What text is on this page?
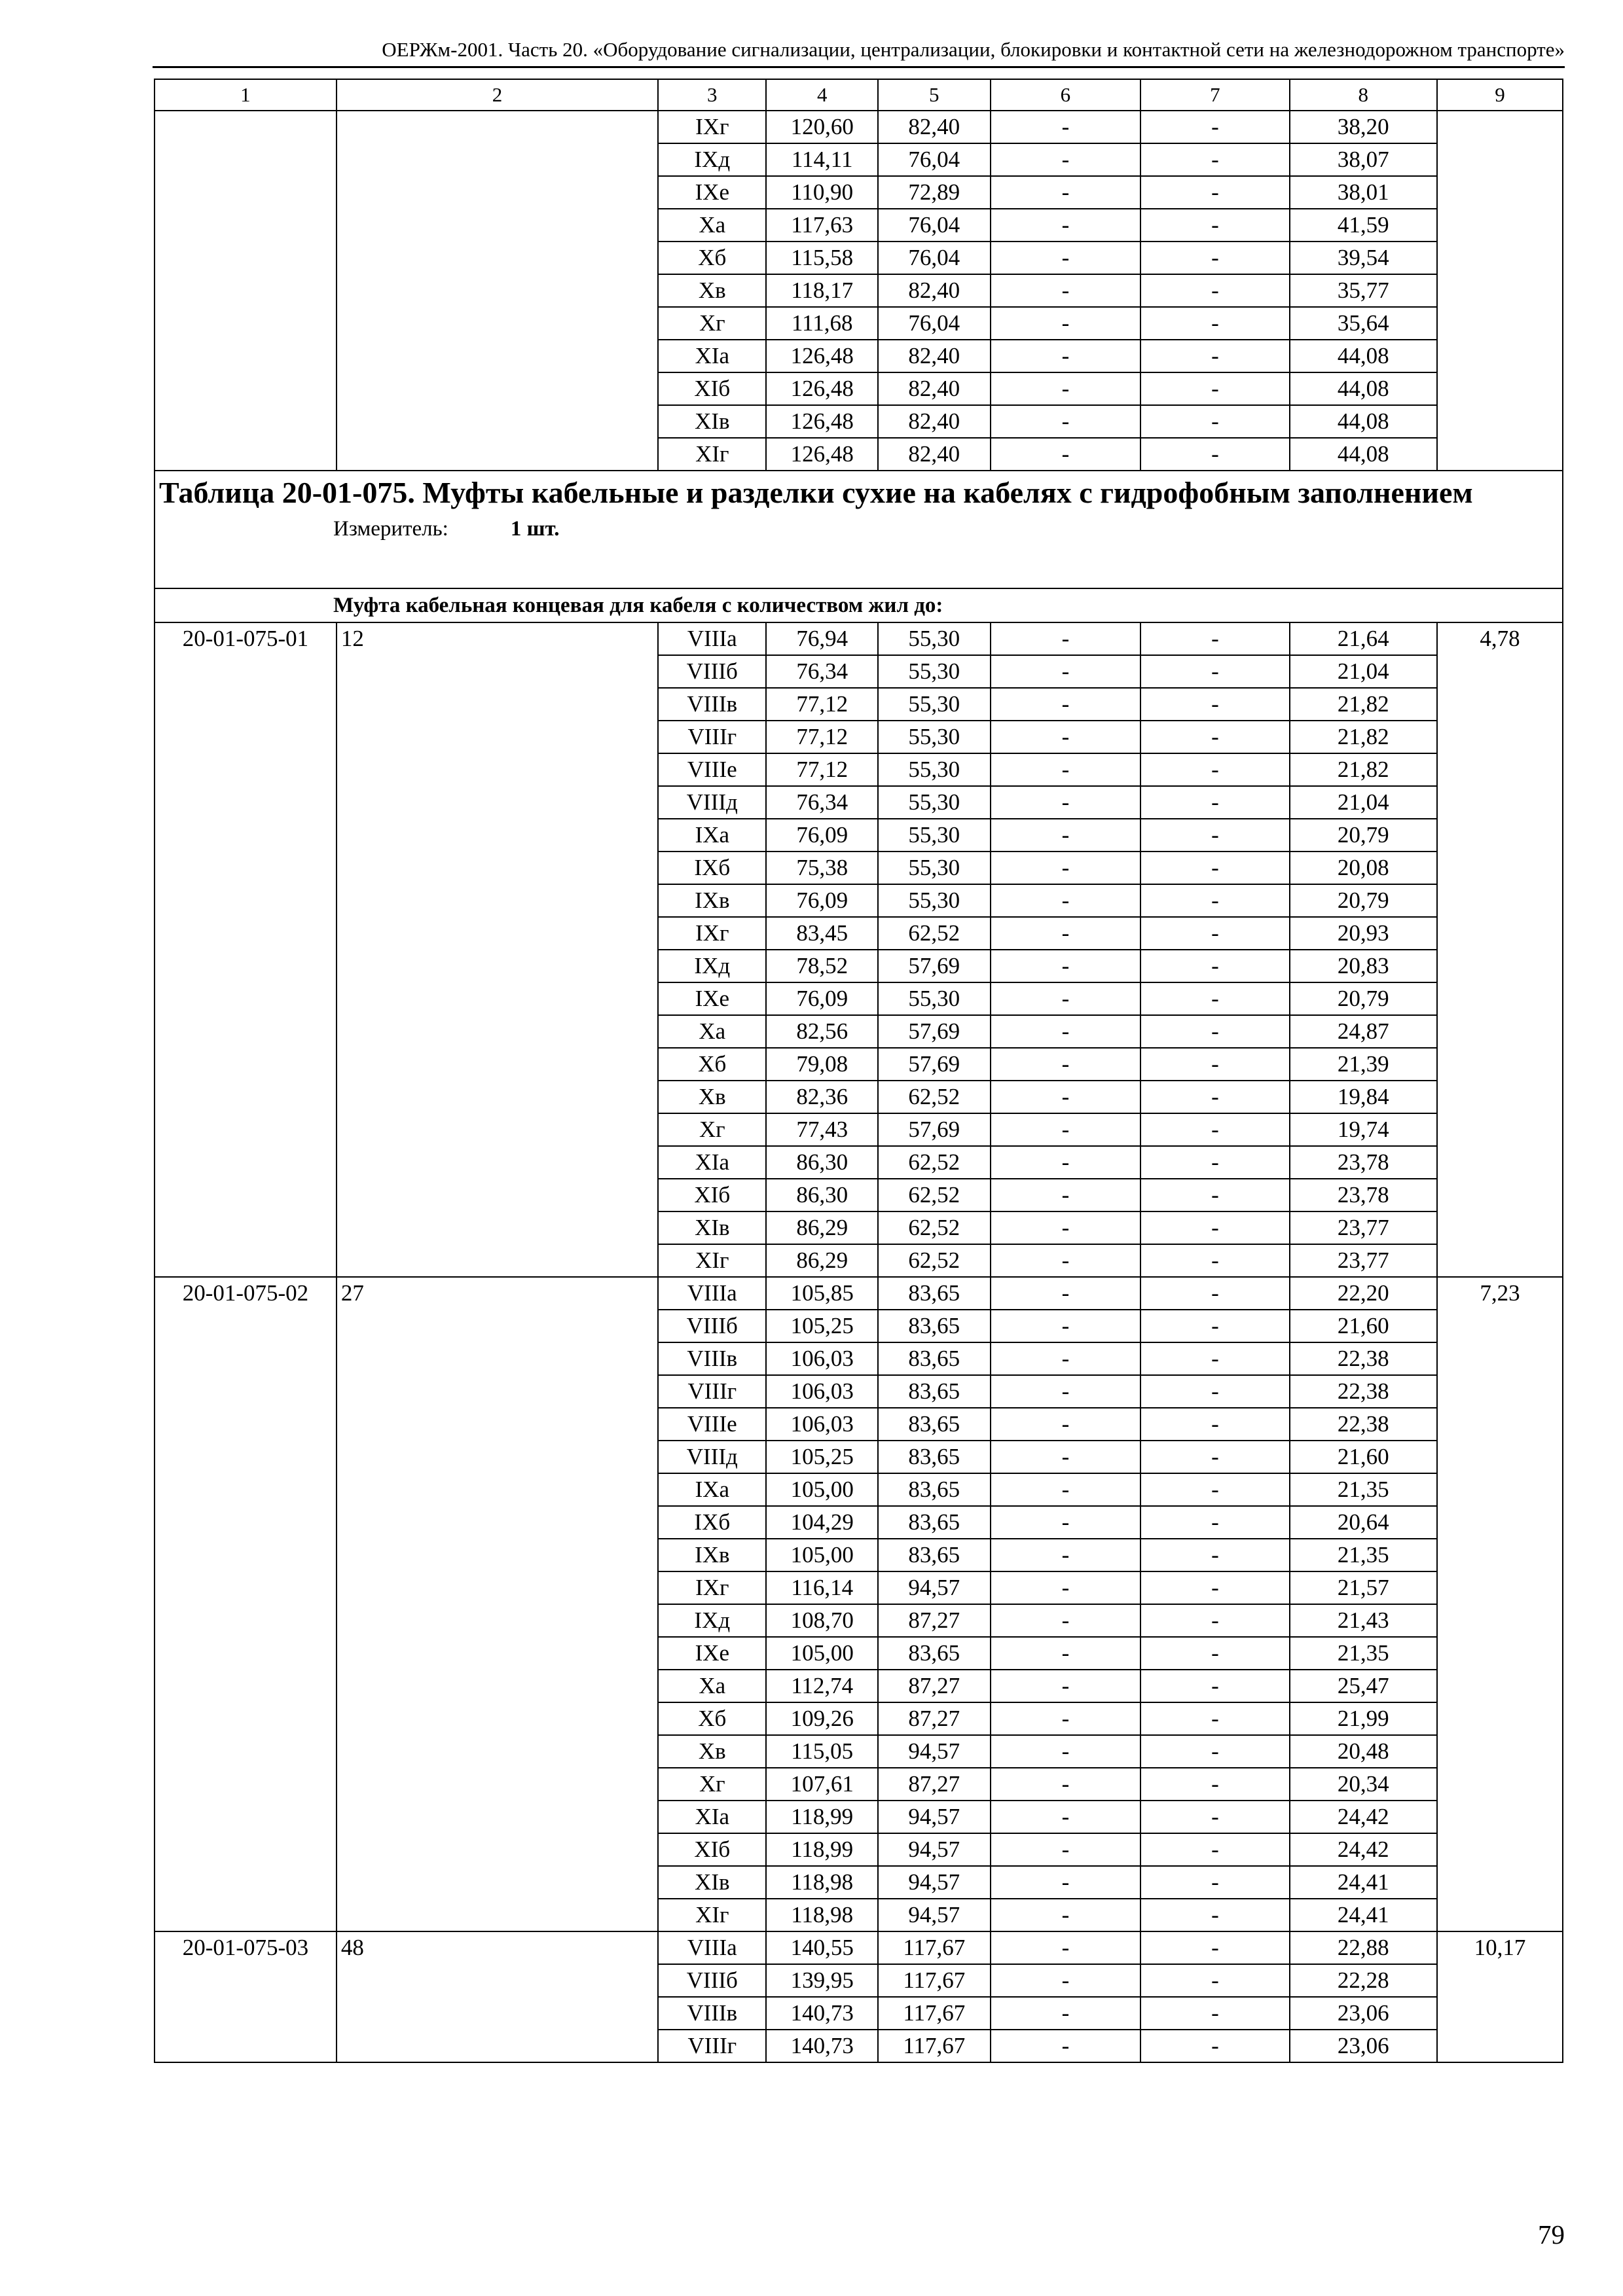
ОЕРЖм-2001. Часть 20. «Оборудование сигнализации, централизации, блокировки и контактной сети на железнодорожном транспорте»
1	2	3	4	5	6	7	8	9
		IXг	120,60	82,40	-	-	38,20	
		IXд	114,11	76,04	-	-	38,07	
		IXе	110,90	72,89	-	-	38,01	
		Xа	117,63	76,04	-	-	41,59	
		Xб	115,58	76,04	-	-	39,54	
		Xв	118,17	82,40	-	-	35,77	
		Xг	111,68	76,04	-	-	35,64	
		XIа	126,48	82,40	-	-	44,08	
		XIб	126,48	82,40	-	-	44,08	
		XIв	126,48	82,40	-	-	44,08	
		XIг	126,48	82,40	-	-	44,08	

Таблица 20-01-075. Муфты кабельные и разделки сухие на кабелях с гидрофобным заполнением
Измеритель: 1 шт.								

Муфта кабельная концевая для кабеля с количеством жил до:								
20-01-075-01	12	VIIIа	76,94	55,30	-	-	21,64	4,78
		VIIIб	76,34	55,30	-	-	21,04	
		VIIIв	77,12	55,30	-	-	21,82	
		VIIIг	77,12	55,30	-	-	21,82	
		VIIIе	77,12	55,30	-	-	21,82	
		VIIIд	76,34	55,30	-	-	21,04	
		IXа	76,09	55,30	-	-	20,79	
		IXб	75,38	55,30	-	-	20,08	
		IXв	76,09	55,30	-	-	20,79	
		IXг	83,45	62,52	-	-	20,93	
		IXд	78,52	57,69	-	-	20,83	
		IXе	76,09	55,30	-	-	20,79	
		Xа	82,56	57,69	-	-	24,87	
		Xб	79,08	57,69	-	-	21,39	
		Xв	82,36	62,52	-	-	19,84	
		Xг	77,43	57,69	-	-	19,74	
		XIа	86,30	62,52	-	-	23,78	
		XIб	86,30	62,52	-	-	23,78	
		XIв	86,29	62,52	-	-	23,77	
		XIг	86,29	62,52	-	-	23,77	
20-01-075-02	27	VIIIа	105,85	83,65	-	-	22,20	7,23
		VIIIб	105,25	83,65	-	-	21,60	
		VIIIв	106,03	83,65	-	-	22,38	
		VIIIг	106,03	83,65	-	-	22,38	
		VIIIе	106,03	83,65	-	-	22,38	
		VIIIд	105,25	83,65	-	-	21,60	
		IXа	105,00	83,65	-	-	21,35	
		IXб	104,29	83,65	-	-	20,64	
		IXв	105,00	83,65	-	-	21,35	
		IXг	116,14	94,57	-	-	21,57	
		IXд	108,70	87,27	-	-	21,43	
		IXе	105,00	83,65	-	-	21,35	
		Xа	112,74	87,27	-	-	25,47	
		Xб	109,26	87,27	-	-	21,99	
		Xв	115,05	94,57	-	-	20,48	
		Xг	107,61	87,27	-	-	20,34	
		XIа	118,99	94,57	-	-	24,42	
		XIб	118,99	94,57	-	-	24,42	
		XIв	118,98	94,57	-	-	24,41	
		XIг	118,98	94,57	-	-	24,41	
20-01-075-03	48	VIIIа	140,55	117,67	-	-	22,88	10,17
		VIIIб	139,95	117,67	-	-	22,28	
		VIIIв	140,73	117,67	-	-	23,06	
		VIIIг	140,73	117,67	-	-	23,06	
79
